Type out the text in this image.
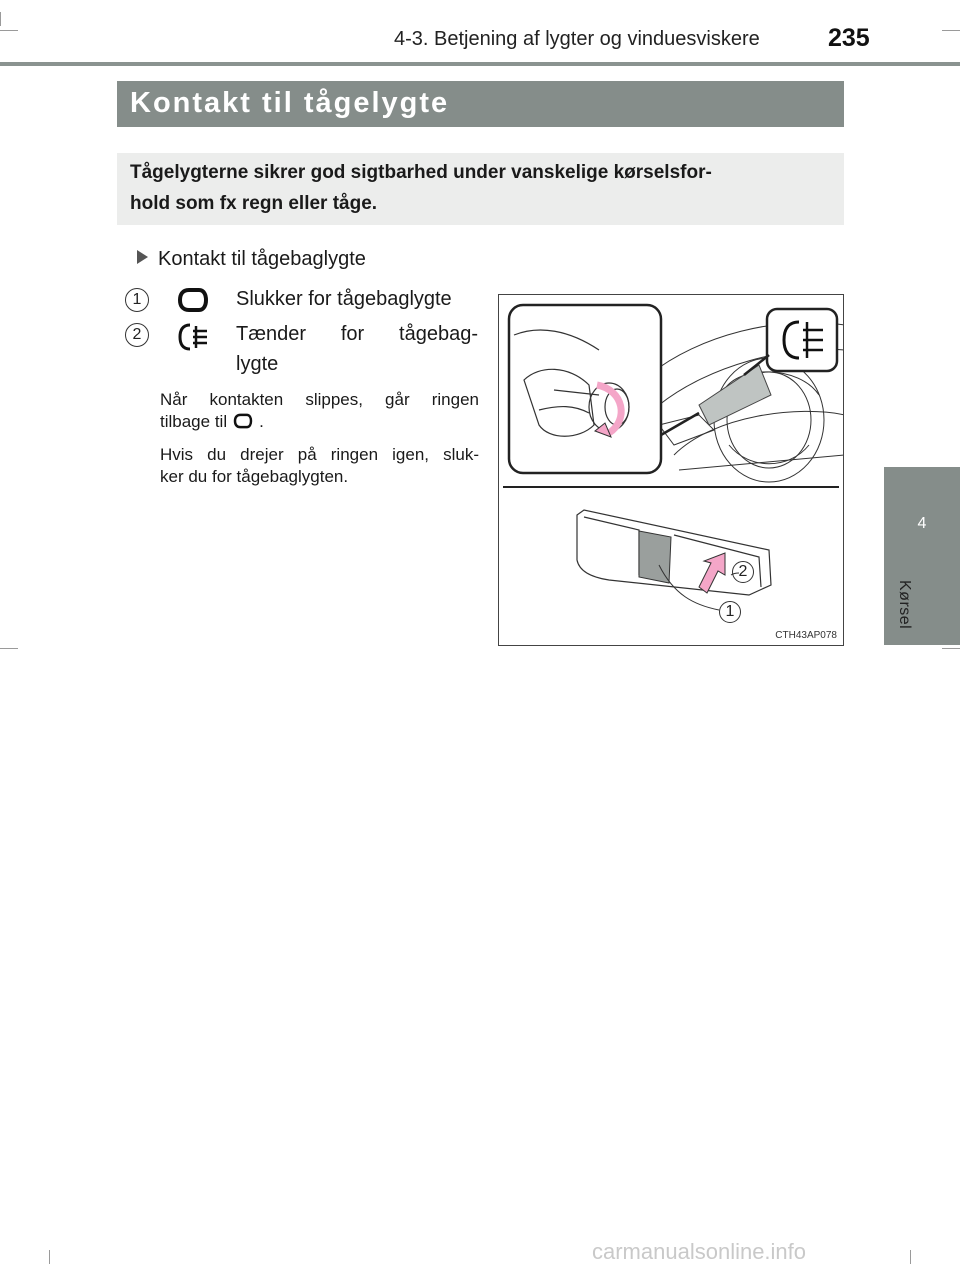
4-3. Betjening af lygter og vinduesviskere	235
4
Kørsel
Kontakt til tågelygte
Tågelygterne sikrer god sigtbarhed under vanskelige kørselsfor-
hold som fx regn eller tåge.
Kontakt til tågebaglygte
1	Slukker for tågebaglygte
2	Tænder for tågebag-
lygte
Når kontakten slippes, går ringen
tilbage til .
Hvis du drejer på ringen igen, sluk-
ker du for tågebaglygten.
2
1
CTH43AP078
carmanualsonline.info
